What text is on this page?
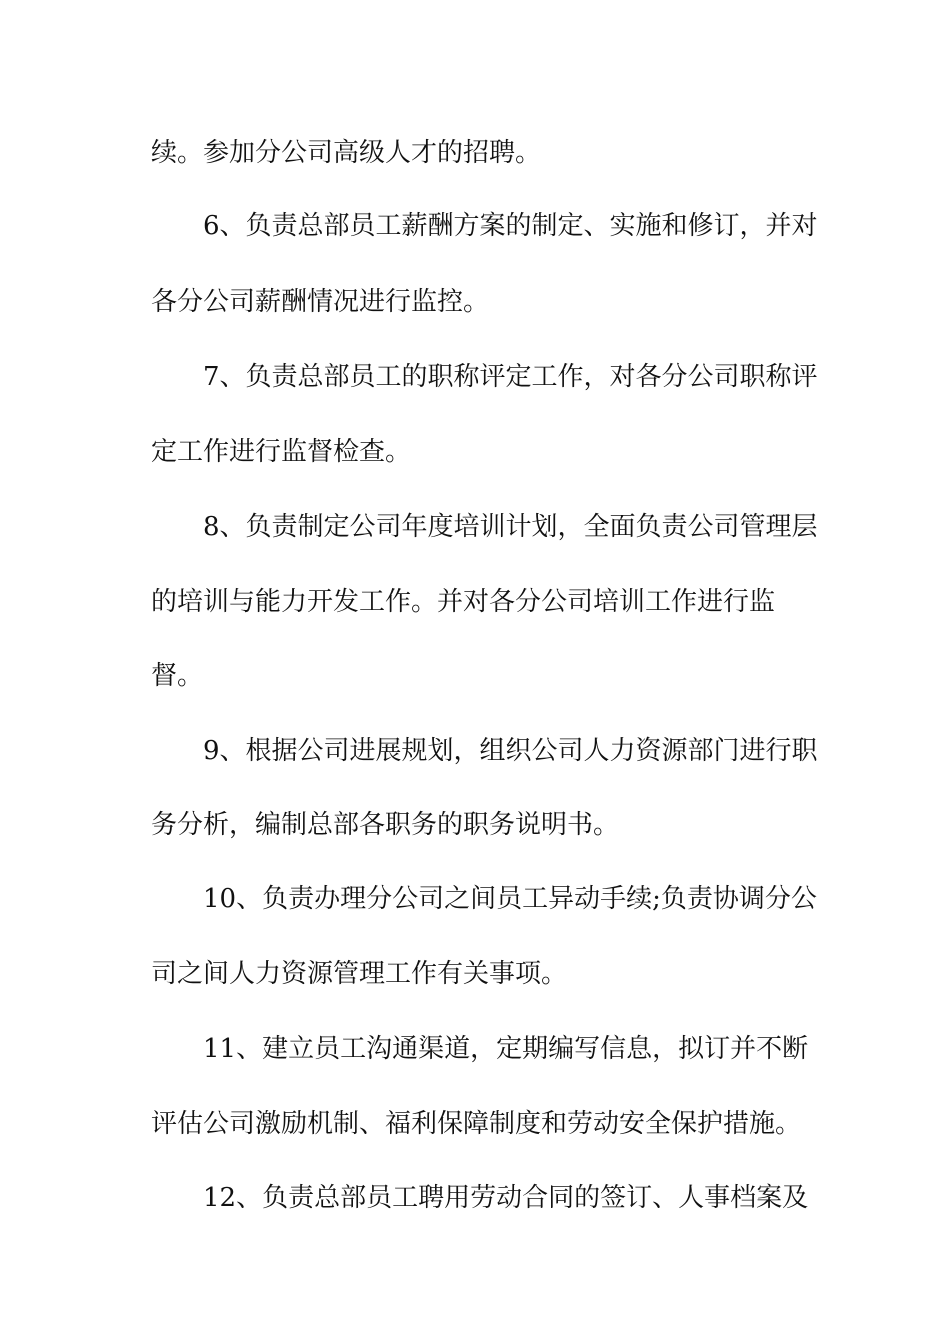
续。参加分公司高级人才的招聘。
6、负责总部员工薪酬方案的制定、实施和修订，并对
各分公司薪酬情况进行监控。
7、负责总部员工的职称评定工作，对各分公司职称评
定工作进行监督检查。
8、负责制定公司年度培训计划，全面负责公司管理层
的培训与能力开发工作。并对各分公司培训工作进行监
督。
9、根据公司进展规划，组织公司人力资源部门进行职
务分析，编制总部各职务的职务说明书。
10、负责办理分公司之间员工异动手续;负责协调分公
司之间人力资源管理工作有关事项。
11、建立员工沟通渠道，定期编写信息，拟订并不断
评估公司激励机制、福利保障制度和劳动安全保护措施。
12、负责总部员工聘用劳动合同的签订、人事档案及
